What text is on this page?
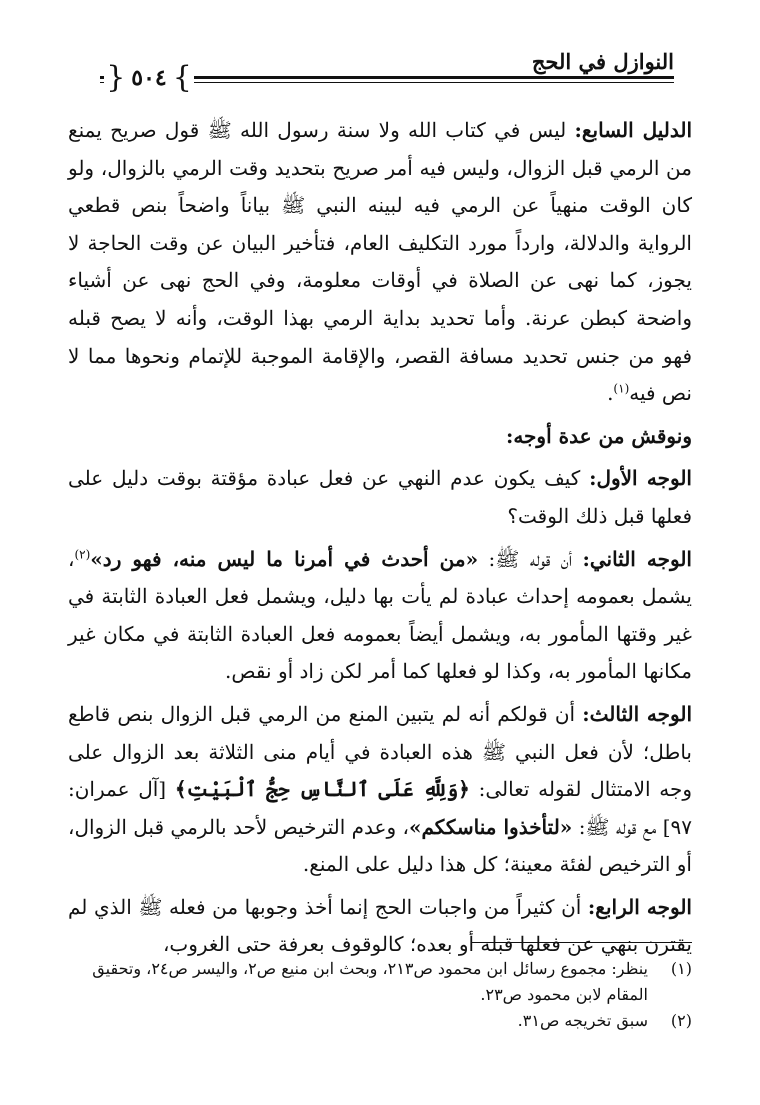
النوازل في الحج
}
٥٠٤
{

الدليل السابع: ليس في كتاب الله ولا سنة رسول الله ﷺ قول صريح يمنع من الرمي قبل الزوال، وليس فيه أمر صريح بتحديد وقت الرمي بالزوال، ولو كان الوقت منهياً عن الرمي فيه لبينه النبي ﷺ بياناً واضحاً بنص قطعي الرواية والدلالة، وارداً مورد التكليف العام، فتأخير البيان عن وقت الحاجة لا يجوز، كما نهى عن الصلاة في أوقات معلومة، وفي الحج نهى عن أشياء واضحة كبطن عرنة. وأما تحديد بداية الرمي بهذا الوقت، وأنه لا يصح قبله فهو من جنس تحديد مسافة القصر، والإقامة الموجبة للإتمام ونحوها مما لا نص فيه$^{(١)}$.

ونوقش من عدة أوجه:

الوجه الأول: كيف يكون عدم النهي عن فعل عبادة مؤقتة بوقت دليل على فعلها قبل ذلك الوقت؟

الوجه الثاني: أن قوله ﷺ: «من أحدث في أمرنا ما ليس منه، فهو رد»$^{(٢)}$، يشمل بعمومه إحداث عبادة لم يأت بها دليل، ويشمل فعل العبادة الثابتة في غير وقتها المأمور به، ويشمل أيضاً بعمومه فعل العبادة الثابتة في مكان غير مكانها المأمور به، وكذا لو فعلها كما أمر لكن زاد أو نقص.

الوجه الثالث: أن قولكم أنه لم يتبين المنع من الرمي قبل الزوال بنص قاطع باطل؛ لأن فعل النبي ﷺ هذه العبادة في أيام منى الثلاثة بعد الزوال على وجه الامتثال لقوله تعالى: ﴿وَلِلَّهِ عَلَى ٱلنَّاسِ حِجُّ ٱلْبَيْتِ﴾ [آل عمران: ٩٧] مع قوله ﷺ: «لتأخذوا مناسككم»، وعدم الترخيص لأحد بالرمي قبل الزوال، أو الترخيص لفئة معينة؛ كل هذا دليل على المنع.

الوجه الرابع: أن كثيراً من واجبات الحج إنما أخذ وجوبها من فعله ﷺ الذي لم يقترن بنهي عن فعلها قبله أو بعده؛ كالوقوف بعرفة حتى الغروب،

(١)
ينظر: مجموع رسائل ابن محمود ص٢١٣، وبحث ابن منيع ص٢، واليسر ص٢٤، وتحقيق المقام لابن محمود ص٢٣.
(٢)
سبق تخريجه ص٣١.
